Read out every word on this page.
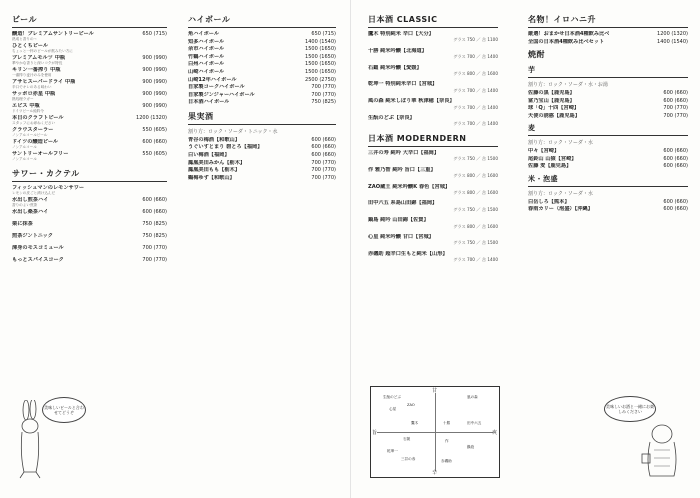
ビール
醸造！プレミアムサントリービール	650 (715)
熟成と香りの〜
ひとくちビール
ちょっと一杯のビールが飲みたい方に
プレミアムモルツ 中瓶	900 (990)
華やかな香りと深いコクが特長
キリン一番搾り 中瓶	900 (990)
一番搾り麦汁のみを使用
アサヒスーパードライ 中瓶	900 (990)
辛口でキレのある味わい
サッポロ赤星 中瓶	900 (990)
熱処理ラガー
エビス 中瓶	900 (990)
ドイツビール純粋令
本日のクラフトビール	1200 (1320)
スタッフにお尋ねください
クラウスターラー	550 (605)
ノンアルコールビール
ドイツの醸造ビール	600 (660)
ノンアルコール
サントリーオールフリー	550 (605)
ノンアルコール
サワー・カクテル
フィッシュマンのレモンサワー
レモンの皮ごと漬け込んだ
水出し煎茶ハイ	600 (660)
香りのよい煎茶
水出し桑茶ハイ	600 (660)
栗に抹茶	750 (825)
煎茶ジントニック	750 (825)
渾身のモスコミュール	700 (770)
もっとスパイスコーク	700 (770)
ハイボール
角ハイボール	650 (715)
知多ハイボール	1400 (1540)
余市ハイボール	1500 (1650)
竹鶴ハイボール	1500 (1650)
白州ハイボール	1500 (1650)
山崎ハイボール	1500 (1650)
山崎12年ハイボール	2500 (2750)
自家製コークハイボール	700 (770)
自家製ジンジャーハイボール	700 (770)
日本酒ハイボール	750 (825)
果実酒
割り方：ロック・ソーダ・トニック・水
青谷の梅酒【和歌山】	600 (660)
うぐいすとまり 碧とろ【福岡】	600 (660)
白い梅酒【福岡】	600 (660)
鳳凰美田みかん【栃木】	700 (770)
鳳凰美田もも【栃木】	700 (770)
鶴梅ゆず【和歌山】	700 (770)
日本酒 CLASSIC
鷹木 特別純米 辛口【大分】
グラス 750 ／ 合 1100
十勝 純米吟醸【北海道】
グラス 700 ／ 合 1400
石鎚 純米吟醸【愛媛】
グラス 800 ／ 合 1600
乾坤一 特別純米辛口【宮城】
グラス 700 ／ 合 1400
風の森 純米しぼり華 秋津穂【奈良】
グラス 700 ／ 合 1400
生酛のどぶ【奈良】
グラス 700 ／ 合 1400
日本酒 MODERNDERN
三井の寿 純吟 大辛口【福岡】
グラス 750 ／ 合 1500
作 雅乃智 純吟 旨口【三重】
グラス 800 ／ 合 1600
ZAO蔵王 純米吟醸K 春色【宮城】
グラス 800 ／ 合 1600
田中六五 糸島山田錦【福岡】
グラス 750 ／ 合 1500
鍋島 純吟 山田錦【佐賀】
グラス 800 ／ 合 1600
心星 純米吟醸 甘口【宮城】
グラス 750 ／ 合 1500
赤磯助 超辛口生もと純米【山形】
グラス 700 ／ 合 1400
甘
辛
旨	爽
生酛のどぶ
ZAO
心星
風の森
鷹木	十勝	田中六五
石鎚	作
鍋島
乾坤一
三井の寿	赤磯助
名物！イロハニ升
厳選！おまかせ日本酒4種飲み比べ	1200 (1320)
全国の日本酒4種飲み比べセット	1400 (1540)
焼酎
芋
割り方：ロック・ソーダ・水・お湯
佐藤の黒【鹿児島】	600 (660)
富乃宝山【鹿児島】	600 (660)
球「Q」十四【宮崎】	700 (770)
天使の誘惑【鹿児島】	700 (770)
麦
割り方：ロック・ソーダ・水
中々【宮崎】	600 (660)
尾鈴山 山猿【宮崎】	600 (660)
佐藤 麦【鹿児島】	600 (660)
米・泡盛
割り方：ロック・ソーダ・水
白岳しろ【熊本】	600 (660)
春雨カリー（泡盛）【沖縄】	600 (660)
美味しいビールと合わせてどうぞ
美味しいお酒と一緒にお楽しみください
